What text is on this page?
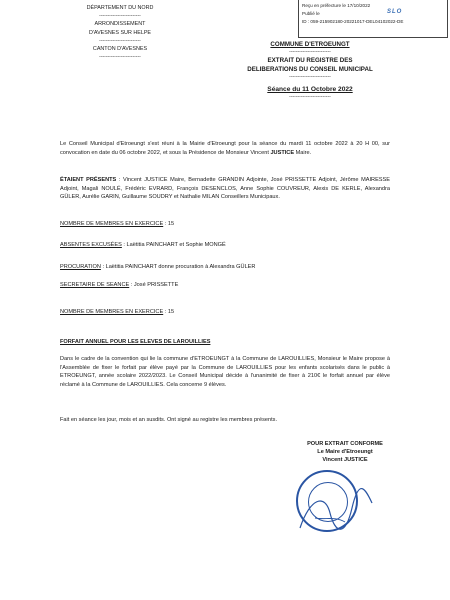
Reçu en préfecture le 17/10/2022
Publié le
ID : 059-215902180-20221017-DEL04102022-DE
SLO
DÉPARTEMENT DU NORD
-------------------------
ARRONDISSEMENT
D'AVESNES SUR HELPE
-------------------------
CANTON D'AVESNES
-------------------------
COMMUNE D'ETROEUNGT
-------------------------
EXTRAIT DU REGISTRE DES
DELIBERATIONS DU CONSEIL MUNICIPAL
-------------------------
Séance du 11 Octobre 2022
-------------------------
Le Conseil Municipal d'Etroeungt s'est réuni à la Mairie d'Etroeungt pour la séance du mardi 11 octobre 2022 à 20 H 00, sur convocation en date du 06 octobre 2022, et sous la Présidence de Monsieur Vincent JUSTICE Maire.
ÉTAIENT PRÉSENTS : Vincent JUSTICE Maire, Bernadette GRANDIN Adjointe, José PRISSETTE Adjoint, Jérôme MAIRESSE Adjoint, Magali NOULÉ, Frédéric EVRARD, François DESENCLOS, Anne Sophie COUVREUR, Alexis DE KERLE, Alexandra GÜLER, Aurélie GARIN, Guillaume SOUDRY et Nathalie MILAN Conseillers Municipaux.
NOMBRE DE MEMBRES EN EXERCICE : 15
ABSENTES EXCUSÉES : Laëtitia PAINCHART et Sophie MONGÉ
PROCURATION : Laëtitia PAINCHART donne procuration à Alexandra GÜLER
SECRETAIRE DE SEANCE : José PRISSETTE
NOMBRE DE MEMBRES EN EXERCICE : 15
FORFAIT ANNUEL POUR LES ELEVES DE LAROUILLIES
Dans le cadre de la convention qui lie la commune d'ETROEUNGT à la Commune de LAROUILLIES, Monsieur le Maire propose à l'Assemblée de fixer le forfait par élève payé par la Commune de LAROUILLIES pour les enfants scolarisés dans le public à ETROEUNGT, année scolaire 2022/2023. Le Conseil Municipal décide à l'unanimité de fixer à 210€ le forfait annuel par élève réclamé à la Commune de LAROUILLIES. Cela concerne 9 élèves.
Fait en séance les jour, mois et an susdits. Ont signé au registre les membres présents.
POUR EXTRAIT CONFORME
Le Maire d'Etroeungt
Vincent JUSTICE
